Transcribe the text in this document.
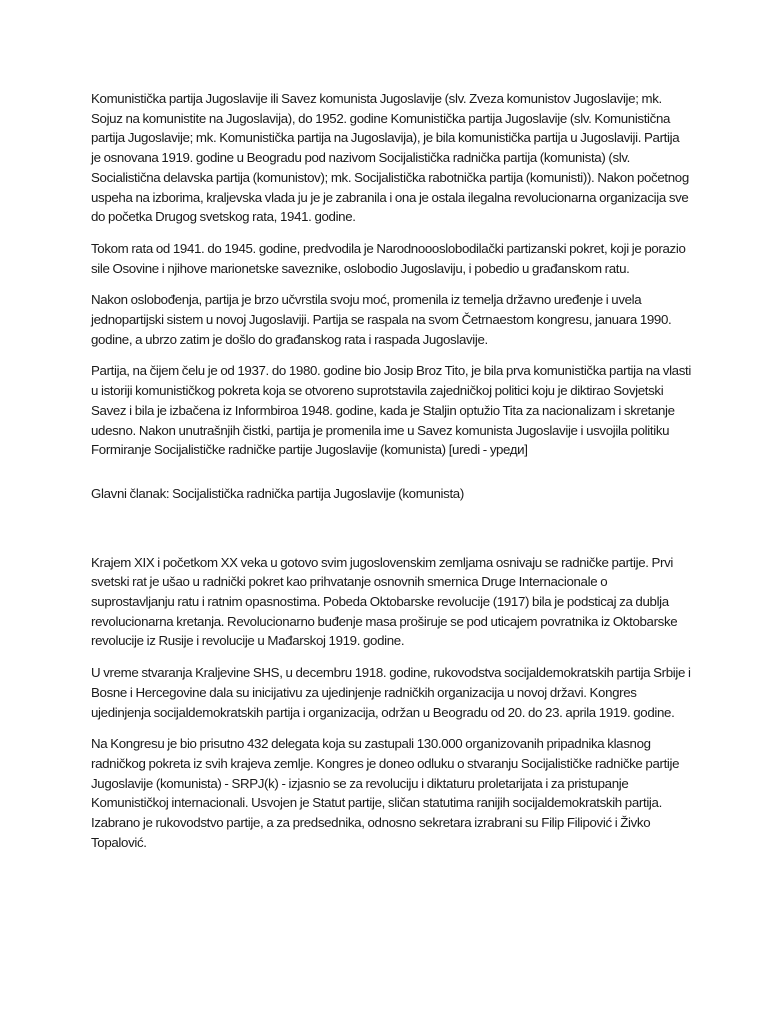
Komunistička partija Jugoslavije ili Savez komunista Jugoslavije (slv. Zveza komunistov Jugoslavije; mk. Sojuz na komunistite na Jugoslavija), do 1952. godine Komunistička partija Jugoslavije (slv. Komunistična partija Jugoslavije; mk. Komunistička partija na Jugoslavija), je bila komunistička partija u Jugoslaviji. Partija je osnovana 1919. godine u Beogradu pod nazivom Socijalistička radnička partija (komunista) (slv. Socialistična delavska partija (komunistov); mk. Socijalistička rabotnička partija (komunisti)). Nakon početnog uspeha na izborima, kraljevska vlada ju je je zabranila i ona je ostala ilegalna revolucionarna organizacija sve do početka Drugog svetskog rata, 1941. godine.

Tokom rata od 1941. do 1945. godine, predvodila je Narodnoooslobodilački partizanski pokret, koji je porazio sile Osovine i njihove marionetske saveznike, oslobodio Jugoslaviju, i pobedio u građanskom ratu.

Nakon oslobođenja, partija je brzo učvrstila svoju moć, promenila iz temelja državno uređenje i uvela jednopartijski sistem u novoj Jugoslaviji. Partija se raspala na svom Četrnaestom kongresu, januara 1990. godine, a ubrzo zatim je došlo do građanskog rata i raspada Jugoslavije.

Partija, na čijem čelu je od 1937. do 1980. godine bio Josip Broz Tito, je bila prva komunistička partija na vlasti u istoriji komunističkog pokreta koja se otvoreno suprotstavila zajedničkoj politici koju je diktirao Sovjetski Savez i bila je izbačena iz Informbiroa 1948. godine, kada je Staljin optužio Tita za nacionalizam i skretanje udesno. Nakon unutrašnjih čistki, partija je promenila ime u Savez komunista Jugoslavije i usvojila politiku Formiranje Socijalističke radničke partije Jugoslavije (komunista) [uredi - уреди]

Glavni članak: Socijalistička radnička partija Jugoslavije (komunista)

Krajem XIX i početkom XX veka u gotovo svim jugoslovenskim zemljama osnivaju se radničke partije. Prvi svetski rat je ušao u radnički pokret kao prihvatanje osnovnih smernica Druge Internacionale o suprostavljanju ratu i ratnim opasnostima. Pobeda Oktobarske revolucije (1917) bila je podsticaj za dublja revolucionarna kretanja. Revolucionarno buđenje masa proširuje se pod uticajem povratnika iz Oktobarske revolucije iz Rusije i revolucije u Mađarskoj 1919. godine.

U vreme stvaranja Kraljevine SHS, u decembru 1918. godine, rukovodstva socijaldemokratskih partija Srbije i Bosne i Hercegovine dala su inicijativu za ujedinjenje radničkih organizacija u novoj državi. Kongres ujedinjenja socijaldemokratskih partija i organizacija, održan u Beogradu od 20. do 23. aprila 1919. godine.

Na Kongresu je bio prisutno 432 delegata koja su zastupali 130.000 organizovanih pripadnika klasnog radničkog pokreta iz svih krajeva zemlje. Kongres je doneo odluku o stvaranju Socijalističke radničke partije Jugoslavije (komunista) - SRPJ(k) - izjasnio se za revoluciju i diktaturu proletarijata i za pristupanje Komunističkoj internacionali. Usvojen je Statut partije, sličan statutima ranijih socijaldemokratskih partija. Izabrano je rukovodstvo partije, a za predsednika, odnosno sekretara izrabrani su Filip Filipović i Živko Topalović.
